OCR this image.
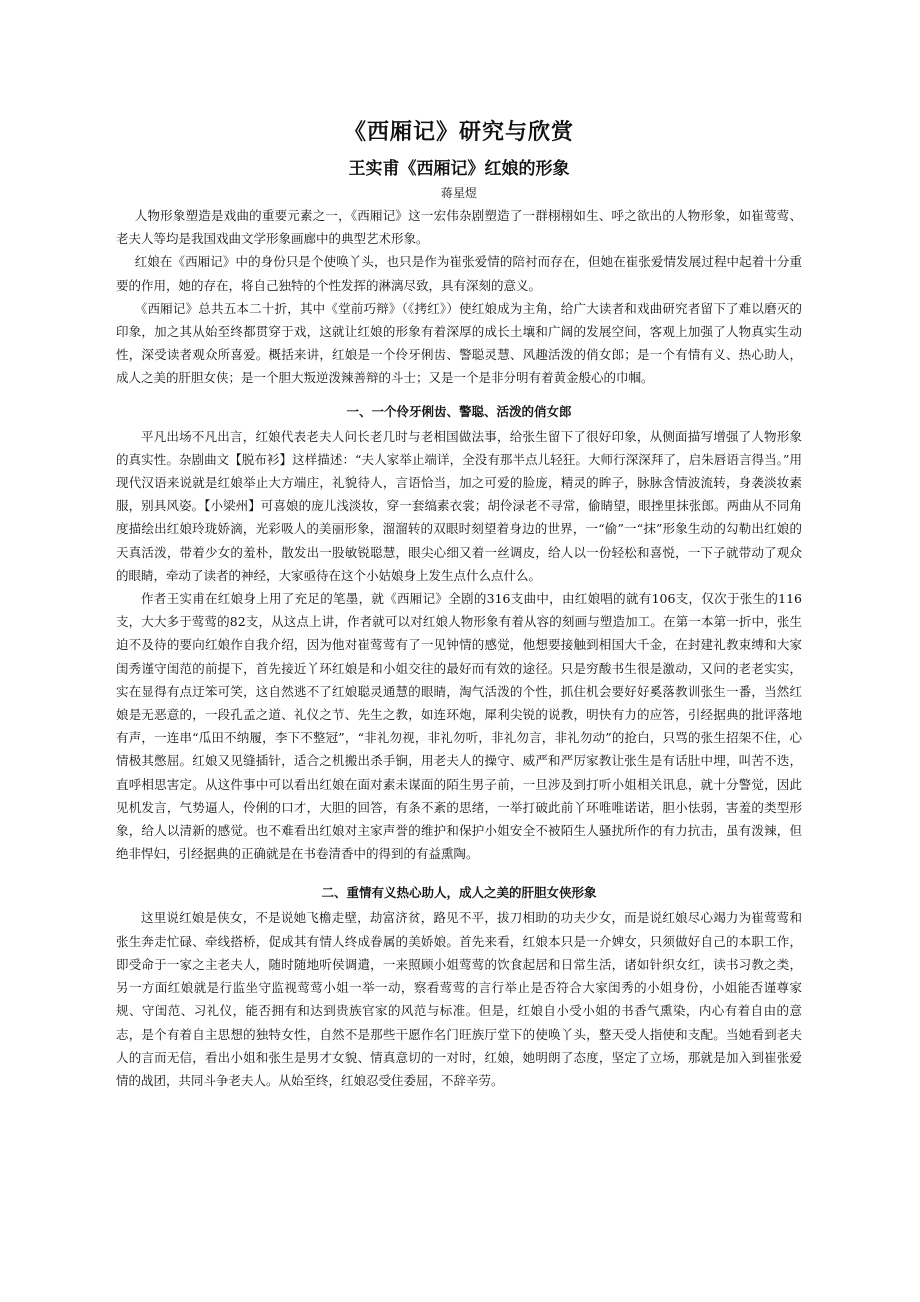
《西厢记》研究与欣赏
王实甫《西厢记》红娘的形象
蒋星煜

人物形象塑造是戏曲的重要元素之一，《西厢记》这一宏伟杂剧塑造了一群栩栩如生、呼之欲出的人物形象，如崔莺莺、老夫人等均是我国戏曲文学形象画廊中的典型艺术形象。

红娘在《西厢记》中的身份只是个使唤丫头，也只是作为崔张爱情的陪衬而存在，但她在崔张爱情发展过程中起着十分重要的作用，她的存在，将自己独特的个性发挥的淋漓尽致，具有深刻的意义。

《西厢记》总共五本二十折，其中《堂前巧辩》（《拷红》）使红娘成为主角，给广大读者和戏曲研究者留下了难以磨灭的印象，加之其从始至终都贯穿于戏，这就让红娘的形象有着深厚的成长土壤和广阔的发展空间，客观上加强了人物真实生动性，深受读者观众所喜爱。概括来讲，红娘是一个伶牙俐齿、警聪灵慧、风趣活泼的俏女郎；是一个有情有义、热心助人，成人之美的肝胆女侠；是一个胆大叛逆泼辣善辩的斗士；又是一个是非分明有着黄金般心的巾帼。

一、一个伶牙俐齿、警聪、活泼的俏女郎

平凡出场不凡出言，红娘代表老夫人问长老几时与老相国做法事，给张生留下了很好印象，从侧面描写增强了人物形象的真实性。杂剧曲文【脱布衫】这样描述：“夫人家举止端详，全没有那半点儿轻狂。大师行深深拜了，启朱唇语言得当。”用现代汉语来说就是红娘举止大方端庄，礼貌待人，言语恰当，加之可爱的脸庞，精灵的眸子，脉脉含情波流转，身袭淡妆素服，别具风姿。【小梁州】可喜娘的庞儿浅淡妆，穿一套缟素衣裳；胡伶渌老不寻常，偷睛望，眼挫里抹张郎。两曲从不同角度描绘出红娘玲珑娇滴，光彩吸人的美丽形象，溜溜转的双眼时刻望着身边的世界，一“偷”一“抹”形象生动的勾勒出红娘的天真活泼，带着少女的羞朴，散发出一股敏锐聪慧，眼尖心细又着一丝调皮，给人以一份轻松和喜悦，一下子就带动了观众的眼睛，牵动了读者的神经，大家亟待在这个小姑娘身上发生点什么点什么。

作者王实甫在红娘身上用了充足的笔墨，就《西厢记》全剧的316支曲中，由红娘唱的就有106支，仅次于张生的116支，大大多于莺莺的82支，从这点上讲，作者就可以对红娘人物形象有着从容的刻画与塑造加工。在第一本第一折中，张生迫不及待的要向红娘作自我介绍，因为他对崔莺莺有了一见钟情的感觉，他想要接触到相国大千金，在封建礼教束缚和大家闺秀谨守闺范的前提下，首先接近丫环红娘是和小姐交往的最好而有效的途径。只是穷酸书生很是激动，又问的老老实实，实在显得有点迂笨可笑，这自然逃不了红娘聪灵通慧的眼睛，淘气活泼的个性，抓住机会要好好奚落教训张生一番，当然红娘是无恶意的，一段孔孟之道、礼仪之节、先生之教，如连环炮，犀利尖锐的说教，明快有力的应答，引经据典的批评落地有声，一连串“瓜田不纳履，李下不整冠”，“非礼勿视，非礼勿听，非礼勿言，非礼勿动”的抢白，只骂的张生招架不住，心情极其憋屈。红娘又见缝插针，适合之机搬出杀手锏，用老夫人的操守、威严和严厉家教让张生是有话肚中埋，叫苦不迭，直呼相思害定。从这件事中可以看出红娘在面对素未谋面的陌生男子前，一旦涉及到打听小姐相关讯息，就十分警觉，因此见机发言，气势逼人，伶俐的口才，大胆的回答，有条不紊的思绪，一举打破此前丫环唯唯诺诺，胆小怯弱，害羞的类型形象，给人以清新的感觉。也不难看出红娘对主家声誉的维护和保护小姐安全不被陌生人骚扰所作的有力抗击，虽有泼辣，但绝非悍妇，引经据典的正确就是在书卷清香中的得到的有益熏陶。

二、重情有义热心助人，成人之美的肝胆女侠形象

这里说红娘是侠女，不是说她飞檐走壁，劫富济贫，路见不平，拔刀相助的功夫少女，而是说红娘尽心竭力为崔莺莺和张生奔走忙碌、牵线搭桥，促成其有情人终成眷属的美娇娘。首先来看，红娘本只是一介婢女，只须做好自己的本职工作，即受命于一家之主老夫人，随时随地听侯调遣，一来照顾小姐莺莺的饮食起居和日常生活，诸如针织女红，读书习教之类，另一方面红娘就是行监坐守监视莺莺小姐一举一动，察看莺莺的言行举止是否符合大家闺秀的小姐身份，小姐能否谨尊家规、守闺范、习礼仪，能否拥有和达到贵族官家的风范与标准。但是，红娘自小受小姐的书香气熏染，内心有着自由的意志，是个有着自主思想的独特女性，自然不是那些干愿作名门旺族厅堂下的使唤丫头，整天受人指使和支配。当她看到老夫人的言而无信，看出小姐和张生是男才女貌、情真意切的一对时，红娘，她明朗了态度，坚定了立场，那就是加入到崔张爱情的战团，共同斗争老夫人。从始至终，红娘忍受住委屈，不辞辛劳。
